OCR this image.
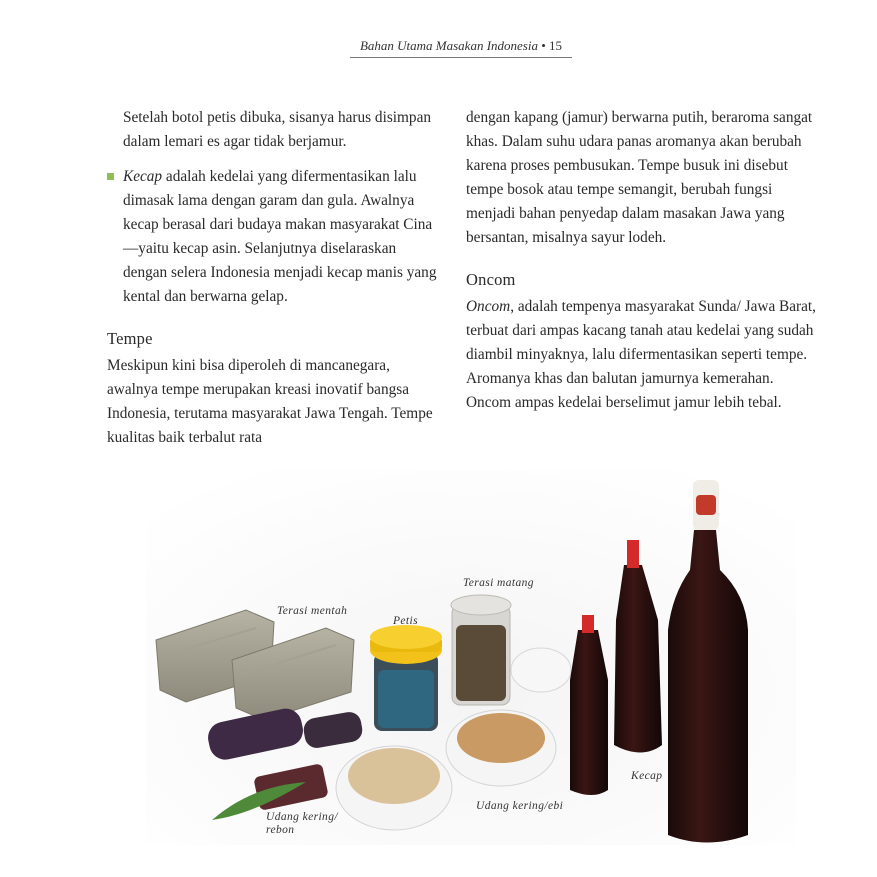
Bahan Utama Masakan Indonesia • 15

Setelah botol petis dibuka, sisanya harus disimpan dalam lemari es agar tidak berjamur.

Kecap adalah kedelai yang difermentasikan lalu dimasak lama dengan garam dan gula. Awalnya kecap berasal dari budaya makan masyarakat Cina—yaitu kecap asin. Selanjutnya diselaraskan dengan selera Indonesia menjadi kecap manis yang kental dan berwarna gelap.

Tempe

Meskipun kini bisa diperoleh di mancanegara, awalnya tempe merupakan kreasi inovatif bangsa Indonesia, terutama masyarakat Jawa Tengah. Tempe kualitas baik terbalut rata

dengan kapang (jamur) berwarna putih, beraroma sangat khas. Dalam suhu udara panas aromanya akan berubah karena proses pembusukan. Tempe busuk ini disebut tempe bosok atau tempe semangit, berubah fungsi menjadi bahan penyedap dalam masakan Jawa yang bersantan, misalnya sayur lodeh.

Oncom

Oncom, adalah tempenya masyarakat Sunda/ Jawa Barat, terbuat dari ampas kacang tanah atau kedelai yang sudah diambil minyaknya, lalu difermentasikan seperti tempe. Aromanya khas dan balutan jamurnya kemerahan. Oncom ampas kedelai berselimut jamur lebih tebal.

Terasi mentah
Petis
Terasi matang
Kecap
Udang kering/ebi
Udang kering/
rebon
